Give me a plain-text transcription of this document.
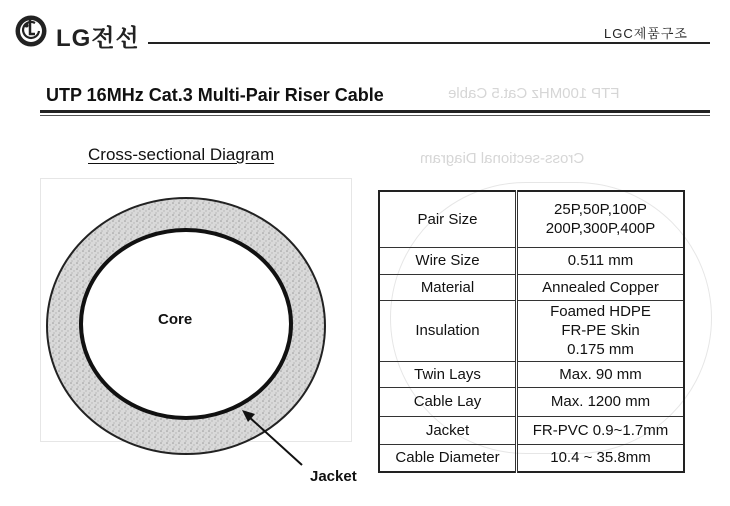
FTP 100MHz Cat.5 Cable
Cross-sectional Diagram
LG전선	LGC제품구조
UTP 16MHz Cat.3 Multi-Pair Riser Cable
Cross-sectional Diagram
Core
Jacket
Pair Size	25P,50P,100P
200P,300P,400P
Wire Size	0.511 mm
Material	Annealed Copper
Insulation	Foamed HDPE
FR-PE Skin
0.175 mm
Twin Lays	Max. 90 mm
Cable Lay	Max. 1200 mm
Jacket	FR-PVC 0.9~1.7mm
Cable Diameter	10.4 ~ 35.8mm
